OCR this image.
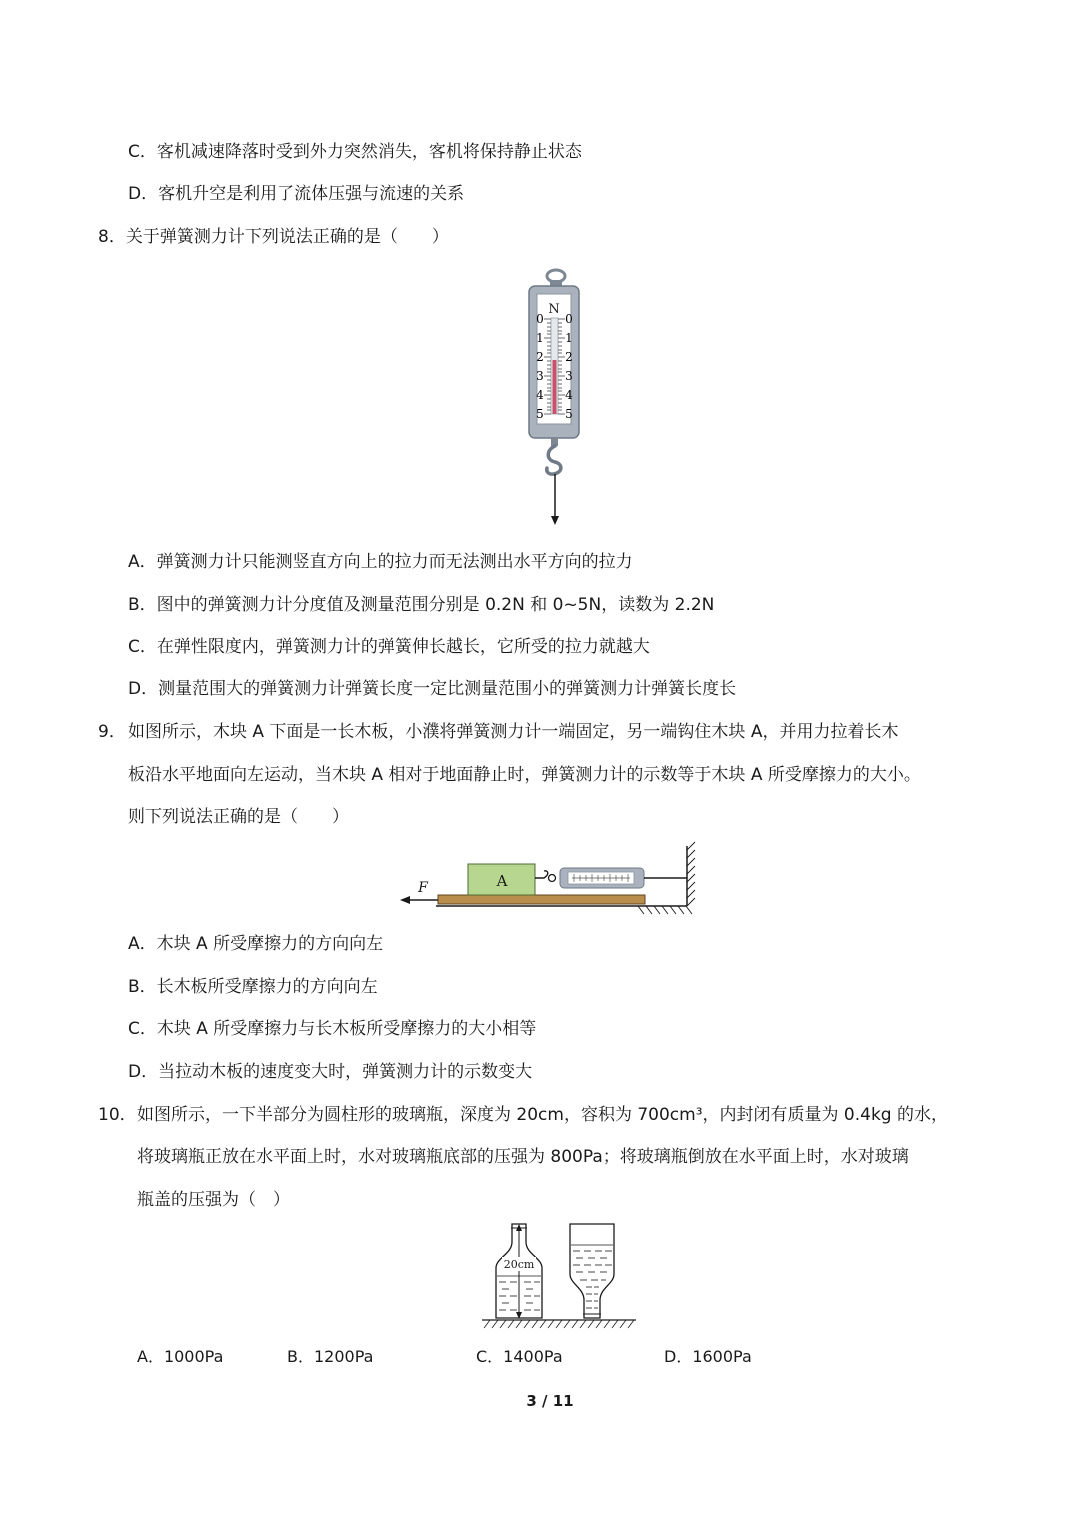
C．客机减速降落时受到外力突然消失，客机将保持静止状态
D．客机升空是利用了流体压强与流速的关系
8．关于弹簧测力计下列说法正确的是（　　）
N
0
1
2
3
4
5
0
1
2
3
4
5
A．弹簧测力计只能测竖直方向上的拉力而无法测出水平方向的拉力
B．图中的弹簧测力计分度值及测量范围分别是 0.2N 和 0~5N，读数为 2.2N
C．在弹性限度内，弹簧测力计的弹簧伸长越长，它所受的拉力就越大
D．测量范围大的弹簧测力计弹簧长度一定比测量范围小的弹簧测力计弹簧长度长
9． 如图所示，木块 A 下面是一长木板，小濮将弹簧测力计一端固定，另一端钩住木块 A，并用力拉着长木
板沿水平地面向左运动，当木块 A 相对于地面静止时，弹簧测力计的示数等于木块 A 所受摩擦力的大小。
则下列说法正确的是（　　）
A
F
A．木块 A 所受摩擦力的方向向左
B．长木板所受摩擦力的方向向左
C．木块 A 所受摩擦力与长木板所受摩擦力的大小相等
D．当拉动木板的速度变大时，弹簧测力计的示数变大
10． 如图所示，一下半部分为圆柱形的玻璃瓶，深度为 20cm，容积为 700cm³，内封闭有质量为 0.4kg 的水，
将玻璃瓶正放在水平面上时，水对玻璃瓶底部的压强为 800Pa；将玻璃瓶倒放在水平面上时，水对玻璃
瓶盖的压强为（　）
20cm
A．1000Pa	B．1200Pa	C．1400Pa	D．1600Pa
3 / 11
